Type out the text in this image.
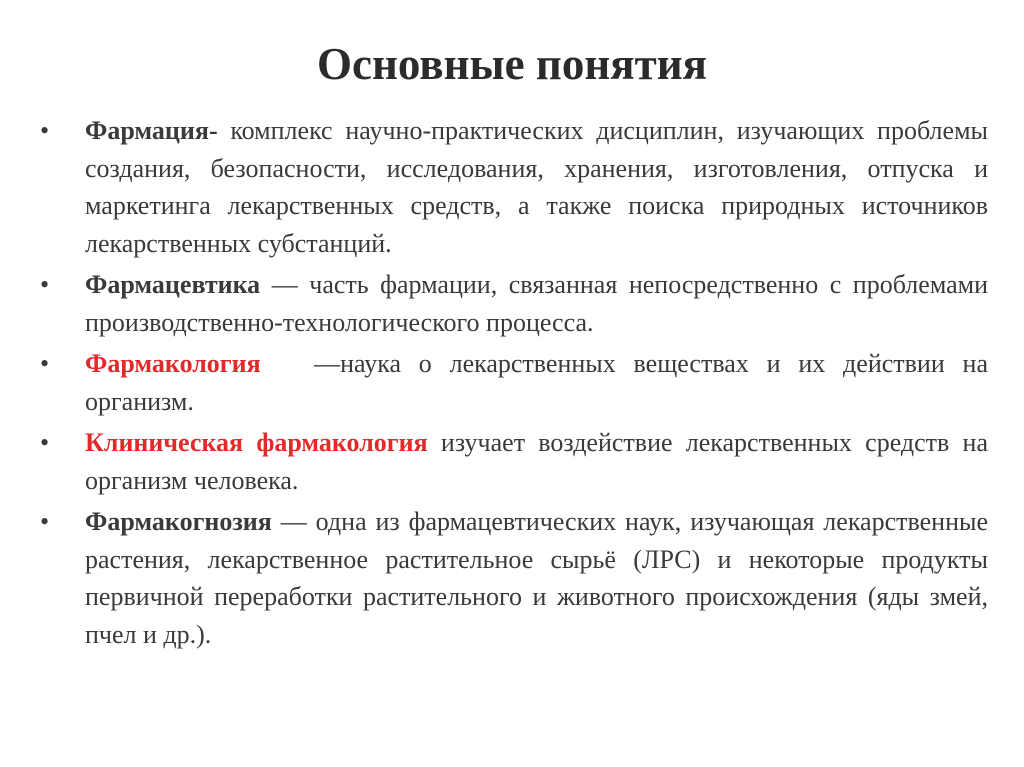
Основные понятия
•	Фармация- комплекс научно-практических дисциплин, изучающих проблемы создания, безопасности, исследования, хранения, изготовления, отпуска и маркетинга лекарственных средств, а также поиска природных источников лекарственных субстанций.
•	Фармацевтика — часть фармации, связанная непосредственно с проблемами производственно-технологического процесса.
•	Фармакология   —наука о лекарственных веществах и их действии на организм.
•	Клиническая фармакология изучает воздействие лекарственных средств на организм человека.
•	Фармакогнозия — одна из фармацевтических наук, изучающая лекарственные растения, лекарственное растительное сырьё (ЛРС) и некоторые продукты первичной переработки растительного и животного происхождения (яды змей, пчел и др.).
